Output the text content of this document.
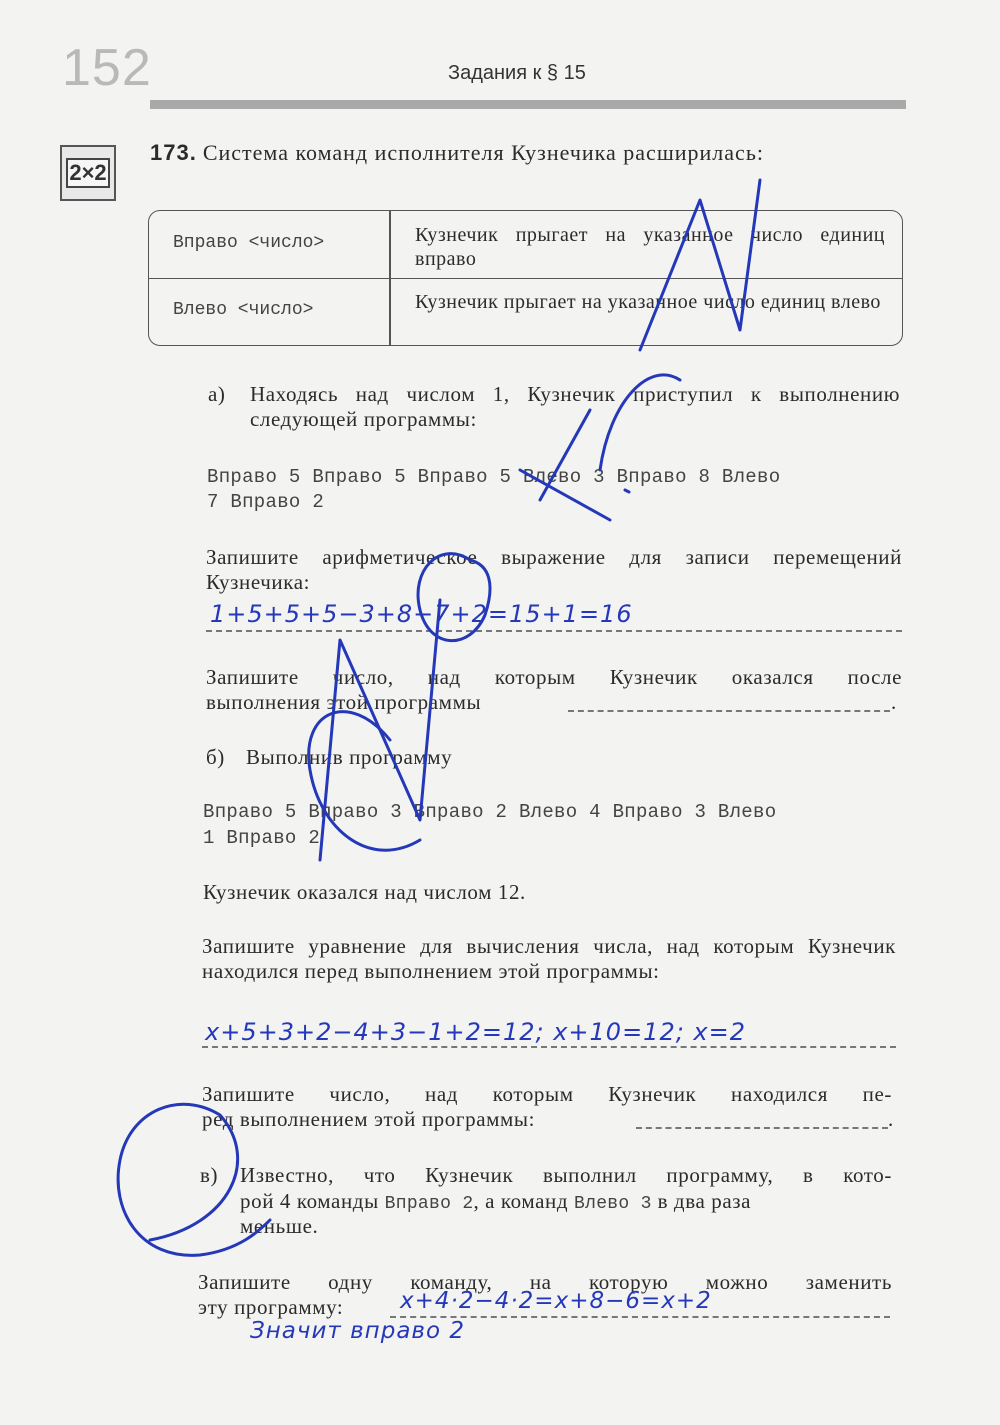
152	Задания к § 15
2×2
173. Система команд исполнителя Кузнечика расширилась:
Вправо <число>	Кузнечик прыгает на указанное число единиц вправо
Влево <число>	Кузнечик прыгает на указанное число единиц влево
а)	Находясь над числом 1, Кузнечик приступил к выполнению следующей программы:
Вправо 5 Вправо 5 Вправо 5 Влево 3 Вправо 8 Влево
7 Вправо 2
Запишите арифметическое выражение для записи перемещений Кузнечика:
1+5+5+5−3+8−7+2=15+1=16
Запишите число, над которым Кузнечик оказался после
выполнения этой программы	.
б)	Выполнив программу
Вправо 5 Вправо 3 Вправо 2 Влево 4 Вправо 3 Влево
1 Вправо 2
Кузнечик оказался над числом 12.
Запишите уравнение для вычисления числа, над которым Кузнечик находился перед выполнением этой программы:
x+5+3+2−4+3−1+2=12; x+10=12; x=2
Запишите число, над которым Кузнечик находился пе-
ред выполнением этой программы:	.
в)	Известно, что Кузнечик выполнил программу, в кото-
рой 4 команды Вправо 2, а команд Влево 3 в два раза
меньше.
Запишите одну команду, на которую можно заменить
эту программу: x+4·2−4·2=x+8−6=x+2
Значит вправо 2
